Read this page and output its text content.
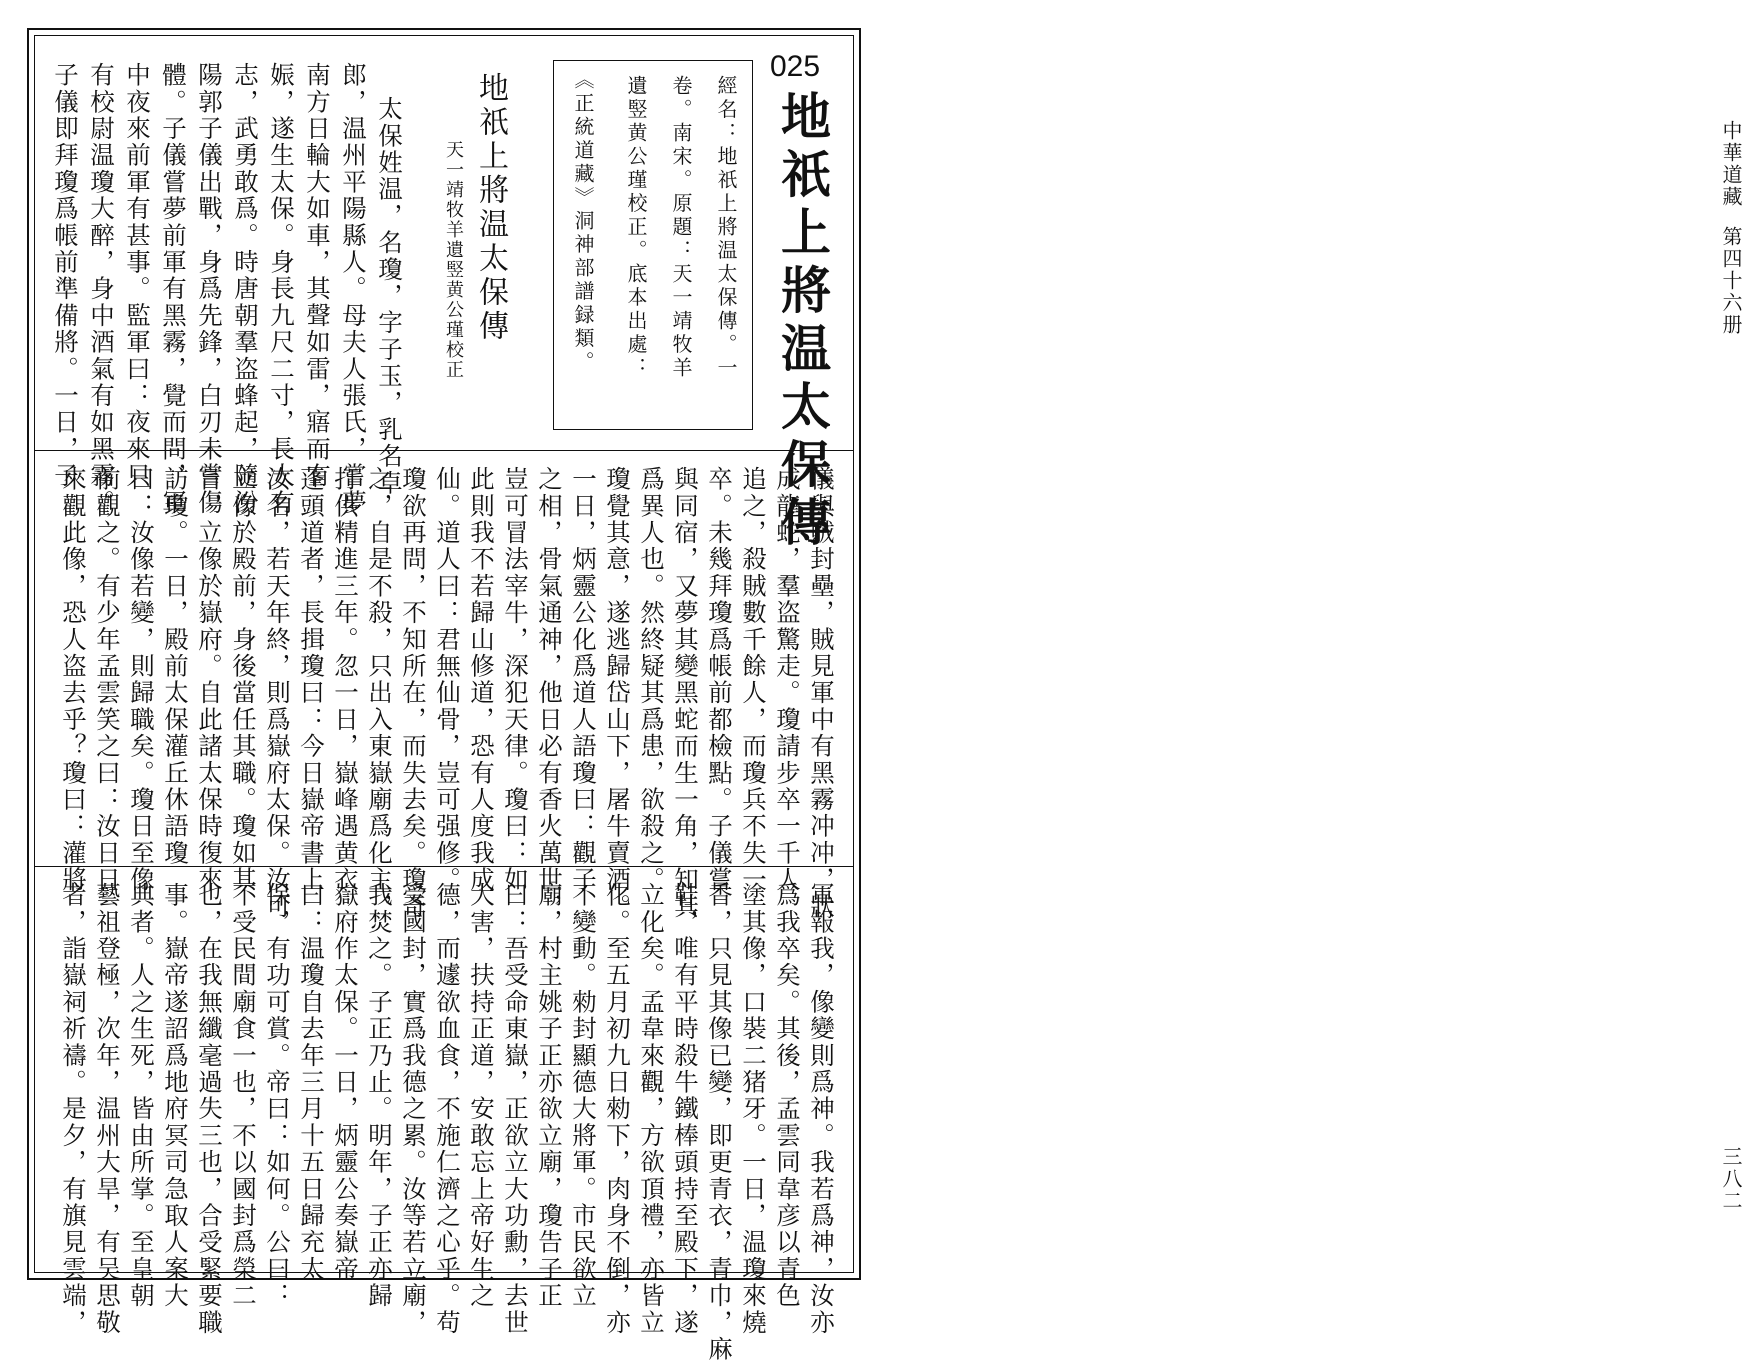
中華道藏
第四十六册
三八二
025
地祇上將温太保傳
經名：地祇上將温太保傳。一
卷。南宋。原題：天一靖牧羊
遺竪黄公瑾校正。底本出處：
《正統道藏》洞神部譜録類。
地祇上將温太保傳
天一靖牧羊遺竪黄公瑾校正
太保姓温，名瓊，字子玉，乳名卓
郎，温州平陽縣人。母夫人張氏，嘗夢
南方日輪大如車，其聲如雷，寤而有
娠，遂生太保。身長九尺二寸，長大有
志，武勇敢爲。時唐朝羣盗蜂起，隨汾
陽郭子儀出戰，身爲先鋒，白刃未嘗傷
體。子儀嘗夢前軍有黑霧，覺而問，軍
中夜來前軍有甚事。監軍曰：夜來只
有校尉温瓊大醉，身中酒氣有如黑霧。
子儀即拜瓊爲帳前準備將。一日，子
儀與賊封壘，賊見軍中有黑霧冲冲，狀
成龍蛇，羣盗驚走。瓊請步卒一千人
追之，殺賊數千餘人，而瓊兵不失一
卒。未幾拜瓊爲帳前都檢點。子儀嘗
與同宿，又夢其變黑蛇而生一角，知其
爲異人也。然終疑其爲患，欲殺之。
瓊覺其意，遂逃歸岱山下，屠牛賣酒。
一日，炳靈公化爲道人語瓊曰：觀子
之相，骨氣通神，他日必有香火萬世，
豈可冒法宰牛，深犯天律。瓊曰：如
此則我不若歸山修道，恐有人度我成
仙。道人曰：君無仙骨，豈可强修。
瓊欲再問，不知所在，而失去矣。瓊奇
之，自是不殺，只出入東嶽廟爲化主，
打供精進三年。忽一日，嶽峰遇黄衣
蓬頭道者，長揖瓊曰：今日嶽帝書上
汝名，若天年終，則爲嶽府太保。汝可
立像於殿前，身後當任其職。瓊如其
言，立像於嶽府。自此諸太保時復來
訪瓊。一日，殿前太保灌丘休語瓊
曰：汝像若變，則歸職矣。瓊日至像
前觀之。有少年孟雲笑之曰：汝日日
來觀此像，恐人盗去乎？瓊曰：灌將
軍報我，像變則爲神。我若爲神，汝亦
爲我卒矣。其後，孟雲同韋彦以青色
塗其像，口裝二猪牙。一日，温瓊來燒
香，只見其像已變，即更青衣，青巾，麻
鞋，唯有平時殺牛鐵棒頭持至殿下，遂
立化矣。孟韋來觀，方欲頂禮，亦皆立
化。至五月初九日勑下，肉身不倒，亦
不變動。勑封顯德大將軍。市民欲立
廟，村主姚子正亦欲立廟，瓊告子正
曰：吾受命東嶽，正欲立大功勳，去世
大害，扶持正道，安敢忘上帝好生之
德，而遽欲血食，不施仁濟之心乎。苟
受國封，實爲我德之累。汝等若立廟，
我焚之。子正乃止。明年，子正亦歸
嶽府作太保。一日，炳靈公奏嶽帝
曰：温瓊自去年三月十五日歸充太
保，有功可賞。帝曰：如何。公曰：
不受民間廟食一也，不以國封爲榮二
也，在我無纖毫過失三也，合受緊要職
事。嶽帝遂詔爲地府冥司急取人案大
典者。人之生死，皆由所掌。至皇朝
藝祖登極，次年，温州大旱，有吴思敬
者，詣嶽祠祈禱。是夕，有旗見雲端，
